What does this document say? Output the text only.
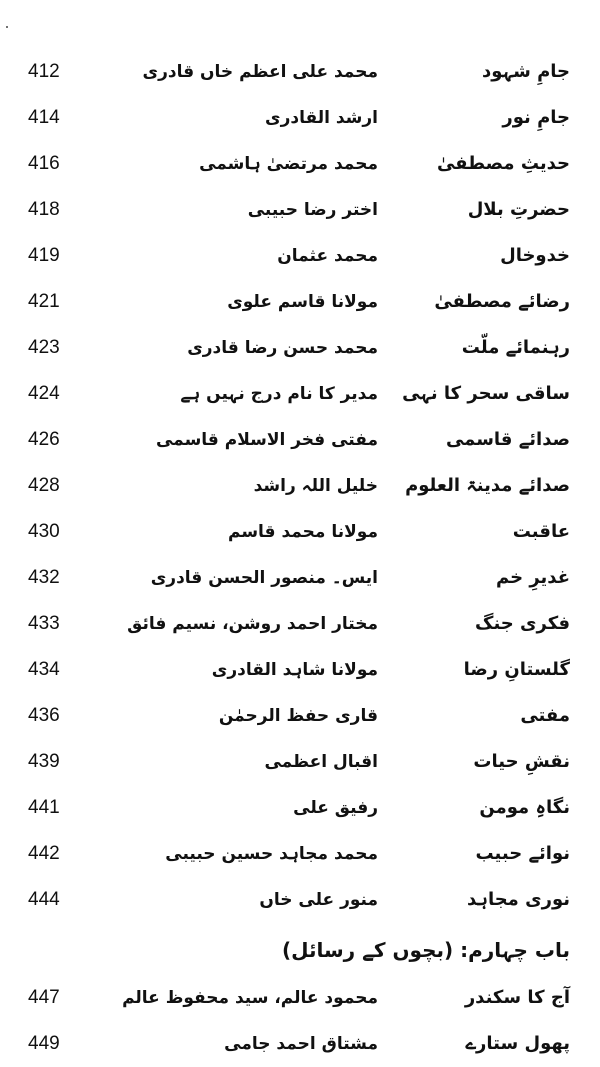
412	محمد علی اعظم خاں قادری	جامِ شہود
414	ارشد القادری	جامِ نور
416	محمد مرتضیٰ ہاشمی	حدیثِ مصطفیٰ
418	اختر رضا حبیبی	حضرتِ بلال
419	محمد عثمان	خدوخال
421	مولانا قاسم علوی	رضائے مصطفیٰ
423	محمد حسن رضا قادری	رہنمائے ملّت
424	مدیر کا نام درج نہیں ہے	ساقی سحر کا نہی
426	مفتی فخر الاسلام قاسمی	صدائے قاسمی
428	خلیل اللہ راشد	صدائے مدینۃ العلوم
430	مولانا محمد قاسم	عاقبت
432	ایس۔ منصور الحسن قادری	غدیرِ خم
433	مختار احمد روشن، نسیم فائق	فکری جنگ
434	مولانا شاہد القادری	گلستانِ رضا
436	قاری حفظ الرحمٰن	مفتی
439	اقبال اعظمی	نقشِ حیات
441	رفیق علی	نگاہِ مومن
442	محمد مجاہد حسین حبیبی	نوائے حبیب
444	منور علی خاں	نوری مجاہد
باب چہارم: (بچوں کے رسائل)
447	محمود عالم، سید محفوظ عالم	آج کا سکندر
449	مشتاق احمد جامی	پھول ستارے
